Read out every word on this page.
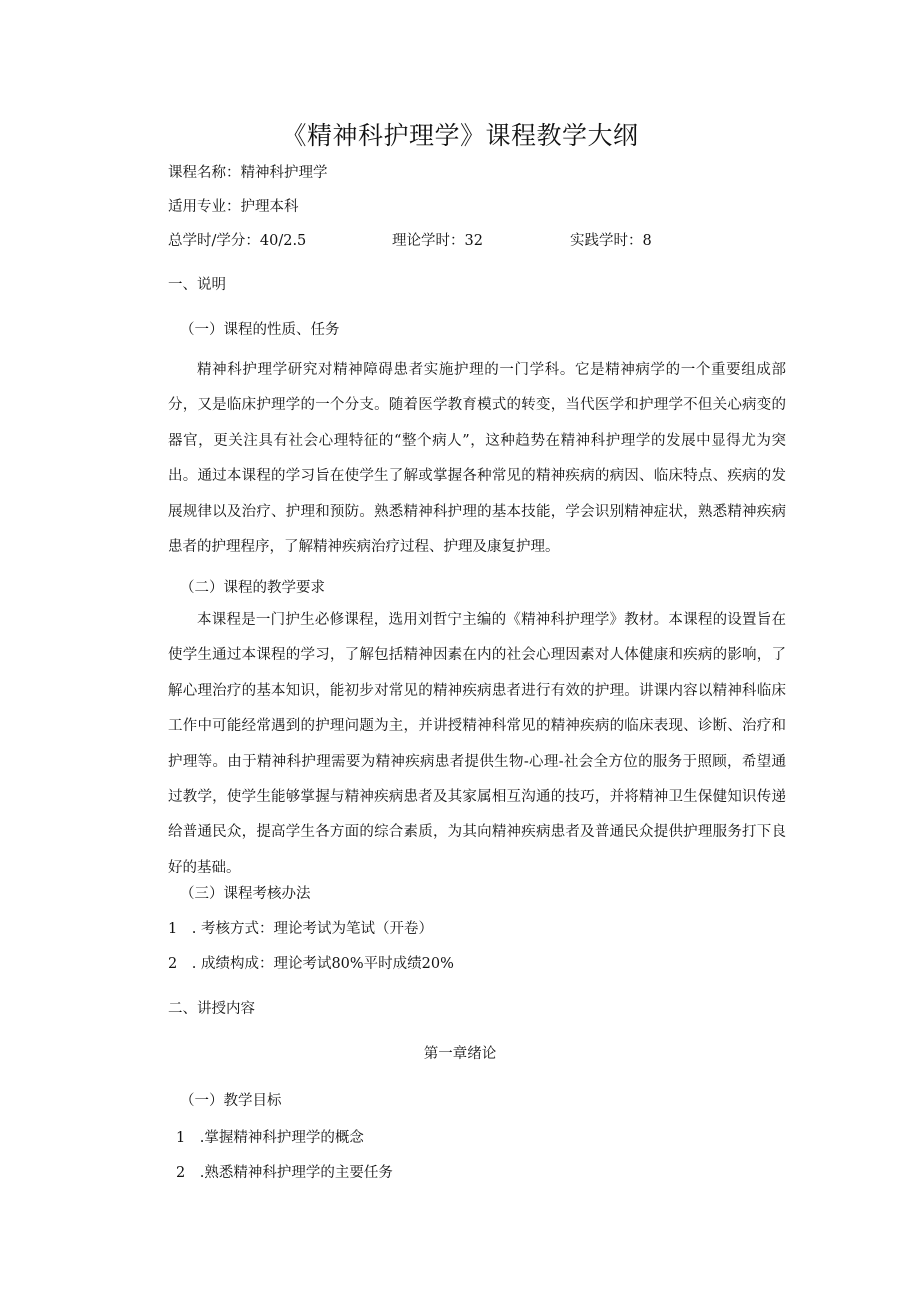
《精神科护理学》课程教学大纲
课程名称：精神科护理学
适用专业：护理本科
总学时/学分：40/2.5	理论学时：32	实践学时：8
一、说明
（一）课程的性质、任务
精神科护理学研究对精神障碍患者实施护理的一门学科。它是精神病学的一个重要组成部分，又是临床护理学的一个分支。随着医学教育模式的转变，当代医学和护理学不但关心病变的器官，更关注具有社会心理特征的“整个病人”，这种趋势在精神科护理学的发展中显得尤为突出。通过本课程的学习旨在使学生了解或掌握各种常见的精神疾病的病因、临床特点、疾病的发展规律以及治疗、护理和预防。熟悉精神科护理的基本技能，学会识别精神症状，熟悉精神疾病患者的护理程序，了解精神疾病治疗过程、护理及康复护理。
（二）课程的教学要求
本课程是一门护生必修课程，选用刘哲宁主编的《精神科护理学》教材。本课程的设置旨在使学生通过本课程的学习，了解包括精神因素在内的社会心理因素对人体健康和疾病的影响，了解心理治疗的基本知识，能初步对常见的精神疾病患者进行有效的护理。讲课内容以精神科临床工作中可能经常遇到的护理问题为主，并讲授精神科常见的精神疾病的临床表现、诊断、治疗和护理等。由于精神科护理需要为精神疾病患者提供生物-心理-社会全方位的服务于照顾，希望通过教学，使学生能够掌握与精神疾病患者及其家属相互沟通的技巧，并将精神卫生保健知识传递给普通民众，提高学生各方面的综合素质，为其向精神疾病患者及普通民众提供护理服务打下良好的基础。
（三）课程考核办法
1　. 考核方式：理论考试为笔试（开卷）
2　. 成绩构成：理论考试80%平时成绩20%
二、讲授内容
第一章绪论
（一）教学目标
1　.掌握精神科护理学的概念
2　.熟悉精神科护理学的主要任务
